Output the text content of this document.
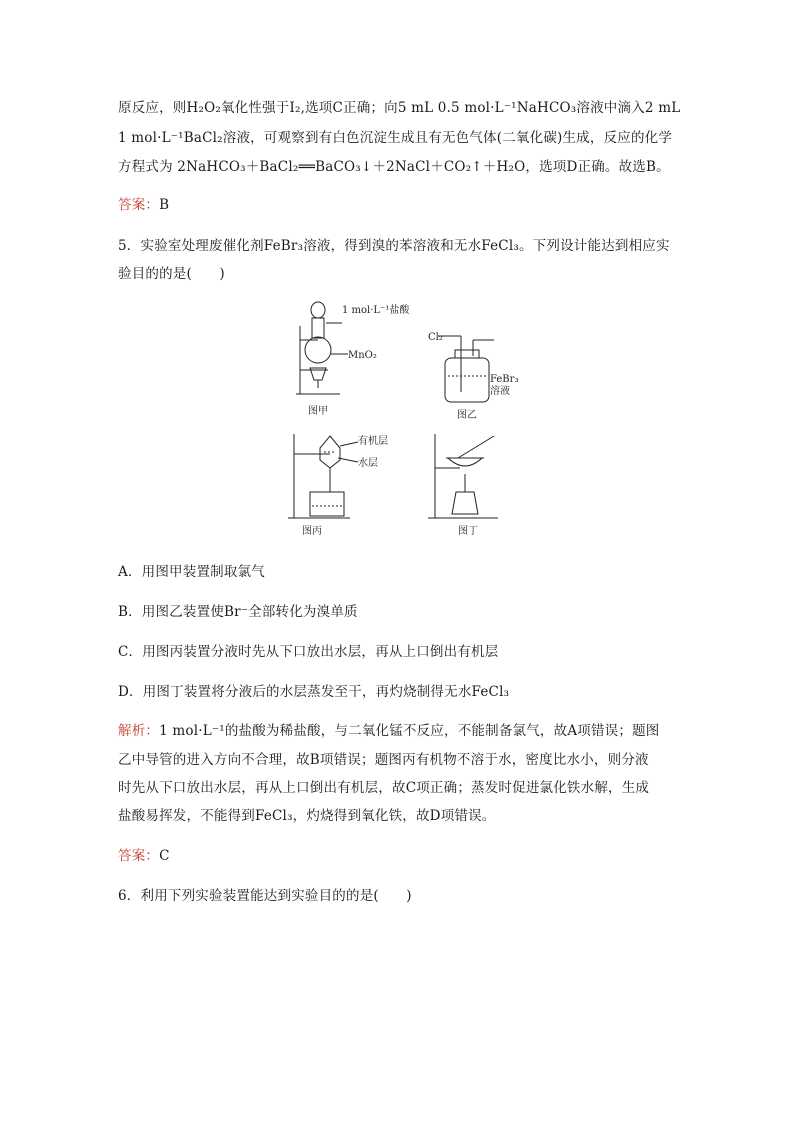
原反应，则H₂O₂氧化性强于I₂,选项C正确；向5 mL 0.5 mol·L⁻¹NaHCO₃溶液中滴入2 mL
1 mol·L⁻¹BaCl₂溶液，可观察到有白色沉淀生成且有无色气体(二氧化碳)生成，反应的化学
方程式为 2NaHCO₃＋BaCl₂══BaCO₃↓＋2NaCl＋CO₂↑＋H₂O，选项D正确。故选B。
答案：B
5．实验室处理废催化剂FeBr₃溶液，得到溴的苯溶液和无水FeCl₃。下列设计能达到相应实
验目的的是(　　)
1 mol·L⁻¹盐酸
MnO₂
图甲
Cl₂
FeBr₃
溶液
图乙
有机层
水层
图丙	图丁
A．用图甲装置制取氯气
B．用图乙装置使Br⁻全部转化为溴单质
C．用图丙装置分液时先从下口放出水层，再从上口倒出有机层
D．用图丁装置将分液后的水层蒸发至干，再灼烧制得无水FeCl₃
解析：1 mol·L⁻¹的盐酸为稀盐酸，与二氧化锰不反应，不能制备氯气，故A项错误；题图
乙中导管的进入方向不合理，故B项错误；题图丙有机物不溶于水，密度比水小，则分液
时先从下口放出水层，再从上口倒出有机层，故C项正确；蒸发时促进氯化铁水解，生成
盐酸易挥发，不能得到FeCl₃，灼烧得到氧化铁，故D项错误。
答案：C
6．利用下列实验装置能达到实验目的的是(　　)
